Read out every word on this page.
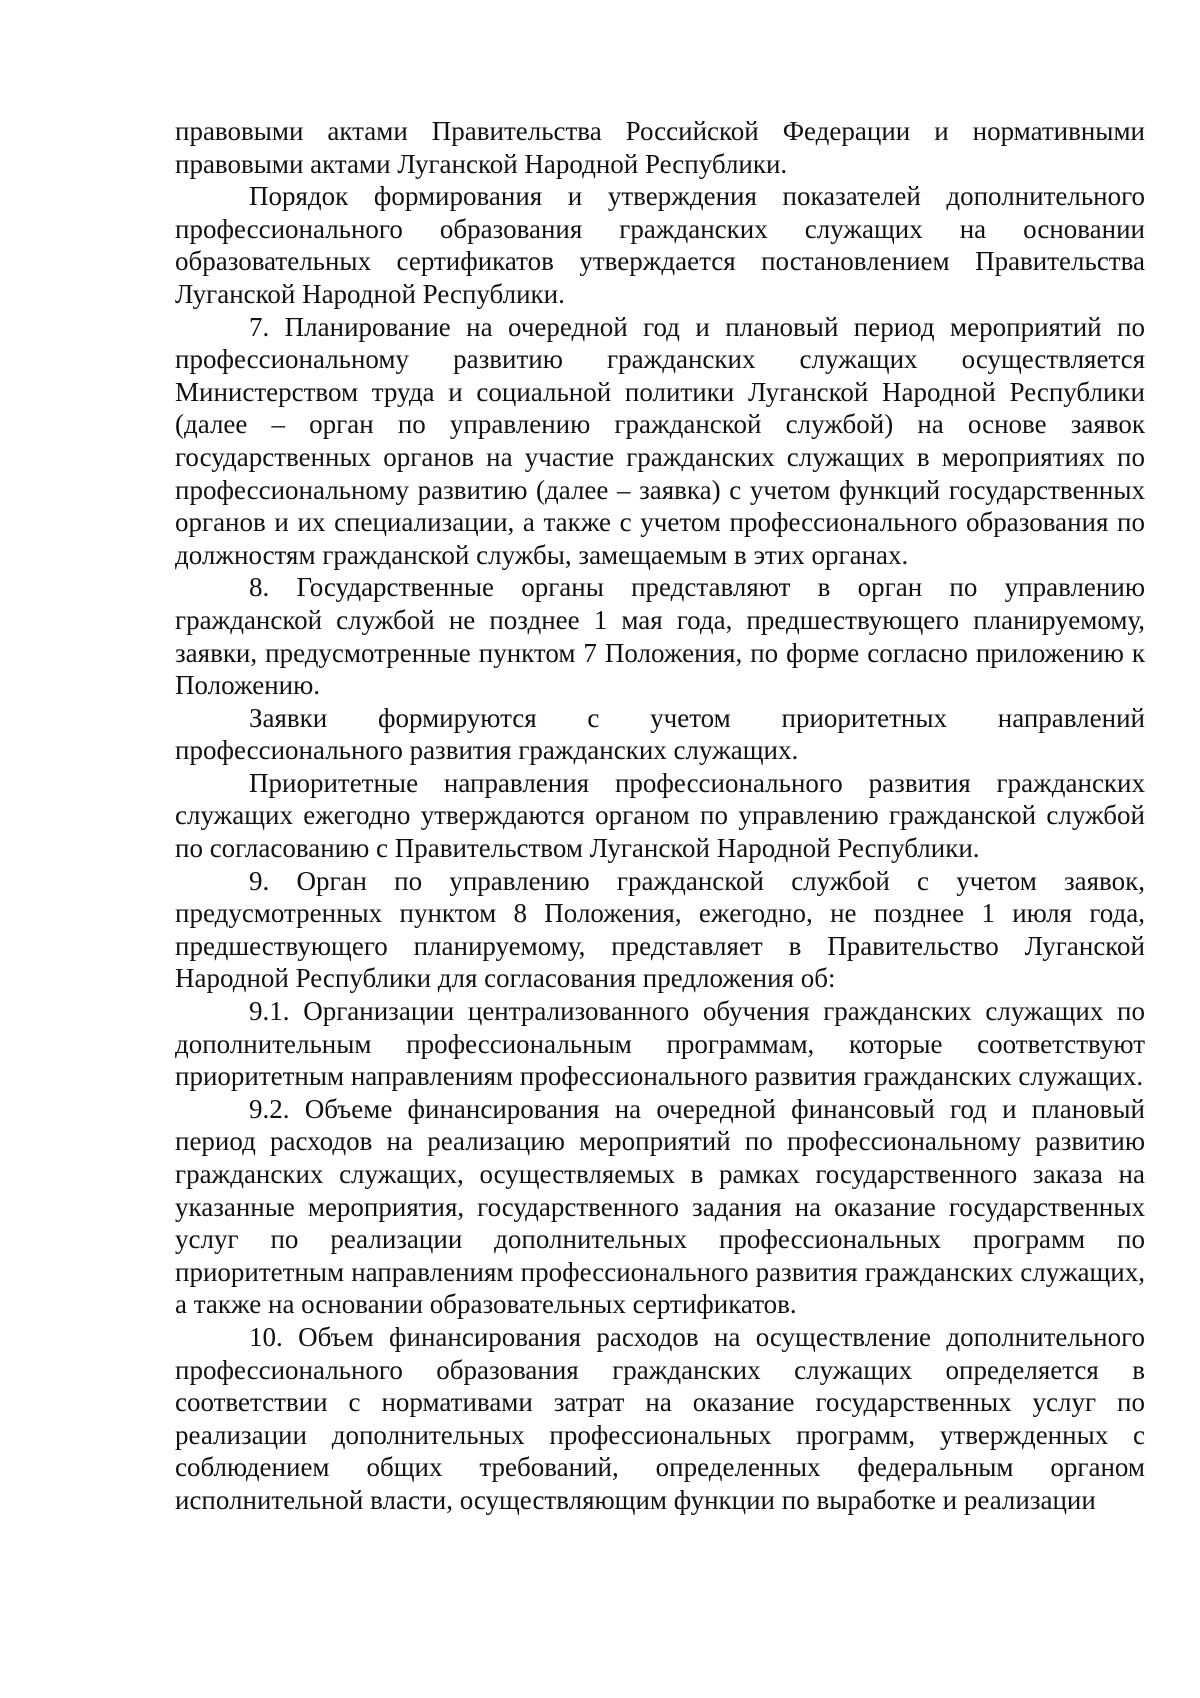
правовыми актами Правительства Российской Федерации и нормативными правовыми актами Луганской Народной Республики.

Порядок формирования и утверждения показателей дополнительного профессионального образования гражданских служащих на основании образовательных сертификатов утверждается постановлением Правительства Луганской Народной Республики.

7. Планирование на очередной год и плановый период мероприятий по профессиональному развитию гражданских служащих осуществляется Министерством труда и социальной политики Луганской Народной Республики (далее – орган по управлению гражданской службой) на основе заявок государственных органов на участие гражданских служащих в мероприятиях по профессиональному развитию (далее – заявка) с учетом функций государственных органов и их специализации, а также с учетом профессионального образования по должностям гражданской службы, замещаемым в этих органах.

8. Государственные органы представляют в орган по управлению гражданской службой не позднее 1 мая года, предшествующего планируемому, заявки, предусмотренные пунктом 7 Положения, по форме согласно приложению к Положению.

Заявки формируются с учетом приоритетных направлений профессионального развития гражданских служащих.

Приоритетные направления профессионального развития гражданских служащих ежегодно утверждаются органом по управлению гражданской службой по согласованию с Правительством Луганской Народной Республики.

9. Орган по управлению гражданской службой с учетом заявок, предусмотренных пунктом 8 Положения, ежегодно, не позднее 1 июля года, предшествующего планируемому, представляет в Правительство Луганской Народной Республики для согласования предложения об:

9.1. Организации централизованного обучения гражданских служащих по дополнительным профессиональным программам, которые соответствуют приоритетным направлениям профессионального развития гражданских служащих.

9.2. Объеме финансирования на очередной финансовый год и плановый период расходов на реализацию мероприятий по профессиональному развитию гражданских служащих, осуществляемых в рамках государственного заказа на указанные мероприятия, государственного задания на оказание государственных услуг по реализации дополнительных профессиональных программ по приоритетным направлениям профессионального развития гражданских служащих, а также на основании образовательных сертификатов.

10. Объем финансирования расходов на осуществление дополнительного профессионального образования гражданских служащих определяется в соответствии с нормативами затрат на оказание государственных услуг по реализации дополнительных профессиональных программ, утвержденных с соблюдением общих требований, определенных федеральным органом исполнительной власти, осуществляющим функции по выработке и реализации
